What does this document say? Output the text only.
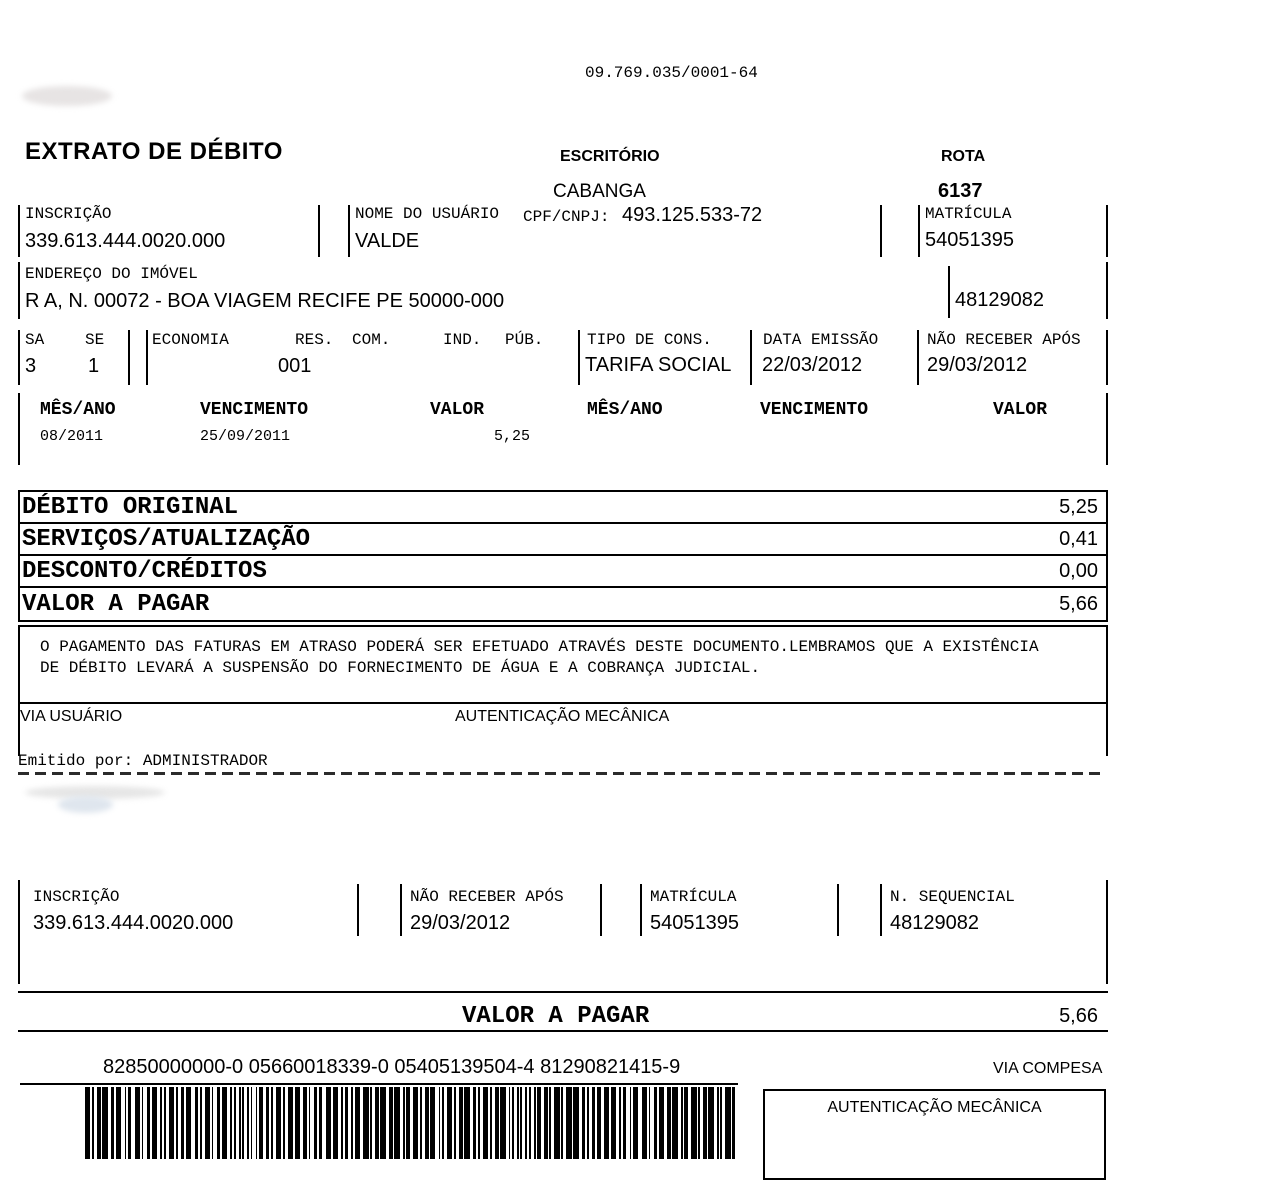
09.769.035/0001-64
EXTRATO DE DÉBITO	ESCRITÓRIO
CABANGA
ROTA
6137
INSCRIÇÃO
339.613.444.0020.000
NOME DO USUÁRIO CPF/CNPJ: 493.125.533-72
VALDE
MATRÍCULA
54051395
ENDEREÇO DO IMÓVEL
R A, N. 00072 - BOA VIAGEM RECIFE PE 50000-000	48129082
SA	SE
3	1
ECONOMIA	RES. COM.	IND. PÚB.
001
TIPO DE CONS.
TARIFA SOCIAL
DATA EMISSÃO
22/03/2012
NÃO RECEBER APÓS
29/03/2012
MÊS/ANO	VENCIMENTO	VALOR	MÊS/ANO	VENCIMENTO	VALOR
08/2011	25/09/2011	5,25
DÉBITO ORIGINAL	5,25
SERVIÇOS/ATUALIZAÇÃO	0,41
DESCONTO/CRÉDITOS	0,00
VALOR A PAGAR	5,66
O PAGAMENTO DAS FATURAS EM ATRASO PODERÁ SER EFETUADO ATRAVÉS DESTE DOCUMENTO.LEMBRAMOS QUE A EXISTÊNCIA
DE DÉBITO LEVARÁ A SUSPENSÃO DO FORNECIMENTO DE ÁGUA E A COBRANÇA JUDICIAL.
VIA USUÁRIO	AUTENTICAÇÃO MECÂNICA
Emitido por: ADMINISTRADOR
INSCRIÇÃO
339.613.444.0020.000
NÃO RECEBER APÓS
29/03/2012
MATRÍCULA
54051395
N. SEQUENCIAL
48129082
VALOR A PAGAR	5,66
82850000000-0 05660018339-0 05405139504-4 81290821415-9	VIA COMPESA
AUTENTICAÇÃO MECÂNICA
